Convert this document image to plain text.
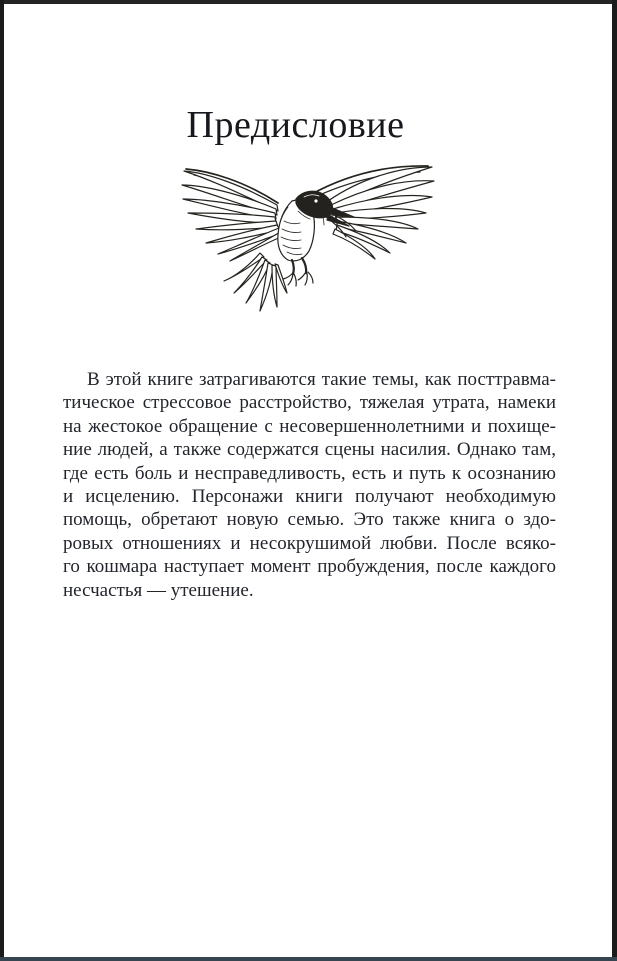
Предисловие
В этой книге затрагиваются такие темы, как посттравма-
тическое стрессовое расстройство, тяжелая утрата, намеки
на жестокое обращение с несовершеннолетними и похище-
ние людей, а также содержатся сцены насилия. Однако там,
где есть боль и несправедливость, есть и путь к осознанию
и исцелению. Персонажи книги получают необходимую
помощь, обретают новую семью. Это также книга о здо-
ровых отношениях и несокрушимой любви. После всяко-
го кошмара наступает момент пробуждения, после каждого
несчастья — утешение.
